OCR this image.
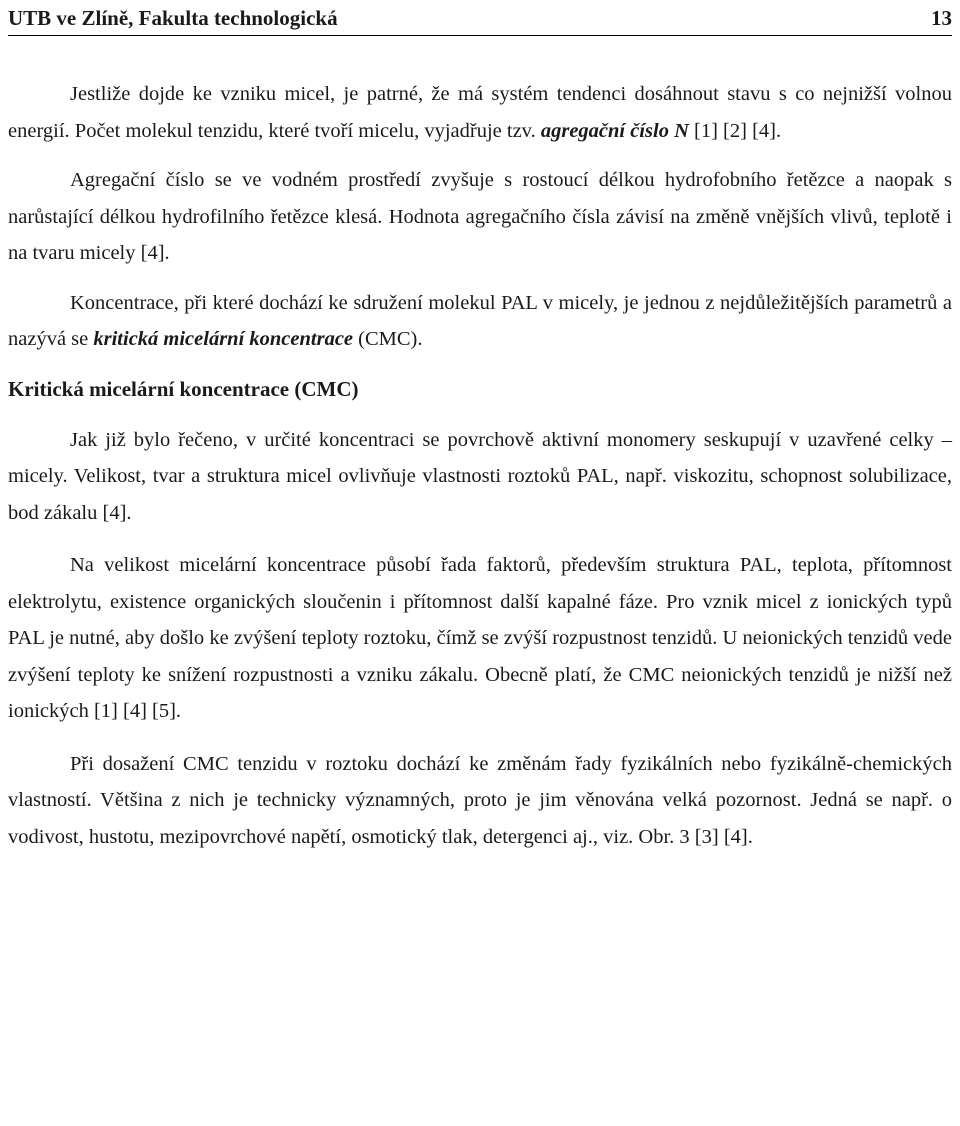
UTB ve Zlíně, Fakulta technologická	13

Jestliže dojde ke vzniku micel, je patrné, že má systém tendenci dosáhnout stavu s co nejnižší volnou energií. Počet molekul tenzidu, které tvoří micelu, vyjadřuje tzv. agregační číslo N [1] [2] [4].

Agregační číslo se ve vodném prostředí zvyšuje s rostoucí délkou hydrofobního řetězce a naopak s narůstající délkou hydrofilního řetězce klesá. Hodnota agregačního čísla závisí na změně vnějších vlivů, teplotě i na tvaru micely [4].

Koncentrace, při které dochází ke sdružení molekul PAL v micely, je jednou z nejdůležitějších parametrů a nazývá se kritická micelární koncentrace (CMC).

Kritická micelární koncentrace (CMC)

Jak již bylo řečeno, v určité koncentraci se povrchově aktivní monomery seskupují v uzavřené celky – micely. Velikost, tvar a struktura micel ovlivňuje vlastnosti roztoků PAL, např. viskozitu, schopnost solubilizace, bod zákalu [4].

Na velikost micelární koncentrace působí řada faktorů, především struktura PAL, teplota, přítomnost elektrolytu, existence organických sloučenin i přítomnost další kapalné fáze. Pro vznik micel z ionických typů PAL je nutné, aby došlo ke zvýšení teploty roztoku, čímž se zvýší rozpustnost tenzidů. U neionických tenzidů vede zvýšení teploty ke snížení rozpustnosti a vzniku zákalu. Obecně platí, že CMC neionických tenzidů je nižší než ionických [1] [4] [5].

Při dosažení CMC tenzidu v roztoku dochází ke změnám řady fyzikálních nebo fyzikálně-chemických vlastností. Většina z nich je technicky významných, proto je jim věnována velká pozornost. Jedná se např. o vodivost, hustotu, mezipovrchové napětí, osmotický tlak, detergenci aj., viz. Obr. 3 [3] [4].
